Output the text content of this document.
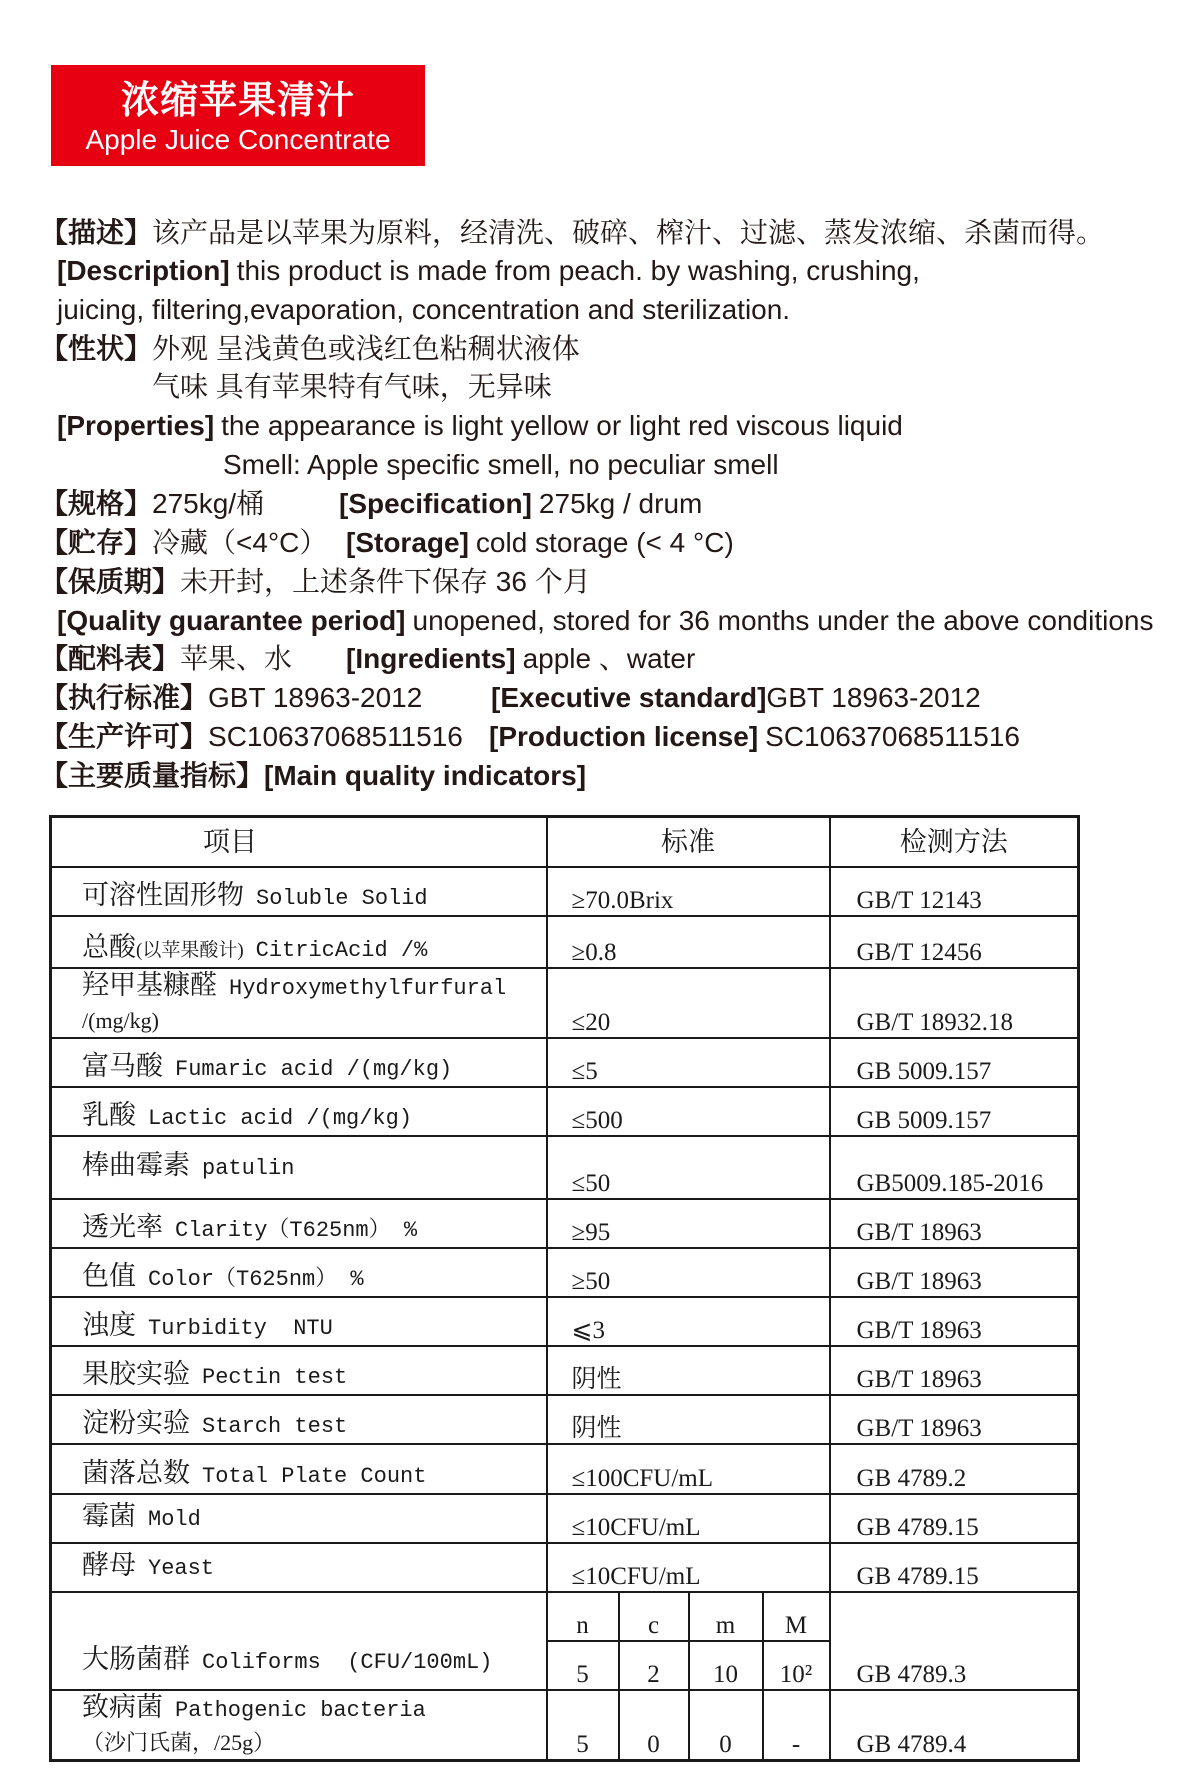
浓缩苹果清汁
Apple Juice Concentrate
【描述】该产品是以苹果为原料，经清洗、破碎、榨汁、过滤、蒸发浓缩、杀菌而得。
[Description] this product is made from peach. by washing, crushing,
juicing, filtering,evaporation, concentration and sterilization.
【性状】外观 呈浅黄色或浅红色粘稠状液体
气味 具有苹果特有气味，无异味
[Properties] the appearance is light yellow or light red viscous liquid
Smell: Apple specific smell, no peculiar smell
【规格】275kg/桶	[Specification] 275kg / drum
【贮存】冷藏（<4°C） [Storage] cold storage (< 4 °C)
【保质期】未开封，上述条件下保存 36 个月
[Quality guarantee period] unopened, stored for 36 months under the above conditions
【配料表】苹果、水 [Ingredients] apple 、water
【执行标准】GBT 18963-2012 [Executive standard]GBT 18963-2012
【生产许可】SC10637068511516 [Production license] SC10637068511516
【主要质量指标】[Main quality indicators]
项目	标准				检测方法
可溶性固形物 Soluble Solid	≥70.0Brix				GB/T 12143
总酸(以苹果酸计) CitricAcid /%	≥0.8				GB/T 12456
羟甲基糠醛 Hydroxymethylfurfural
/(mg/kg)	≤20				GB/T 18932.18
富马酸 Fumaric acid /(mg/kg)	≤5				GB 5009.157
乳酸 Lactic acid /(mg/kg)	≤500				GB 5009.157
棒曲霉素 patulin	≤50				GB5009.185-2016
透光率 Clarity（T625nm） %	≥95				GB/T 18963
色值 Color（T625nm） %	≥50				GB/T 18963
浊度 Turbidity  NTU	⩽3				GB/T 18963
果胶实验 Pectin test	阴性				GB/T 18963
淀粉实验 Starch test	阴性				GB/T 18963
菌落总数 Total Plate Count	≤100CFU/mL				GB 4789.2
霉菌 Mold	≤10CFU/mL				GB 4789.15
酵母 Yeast	≤10CFU/mL				GB 4789.15
大肠菌群 Coliforms  (CFU/100mL)	n	c	m	M	GB 4789.3
	5	2	10	10²	
致病菌 Pathogenic bacteria
（沙门氏菌，/25g）	5	0	0	-	GB 4789.4
